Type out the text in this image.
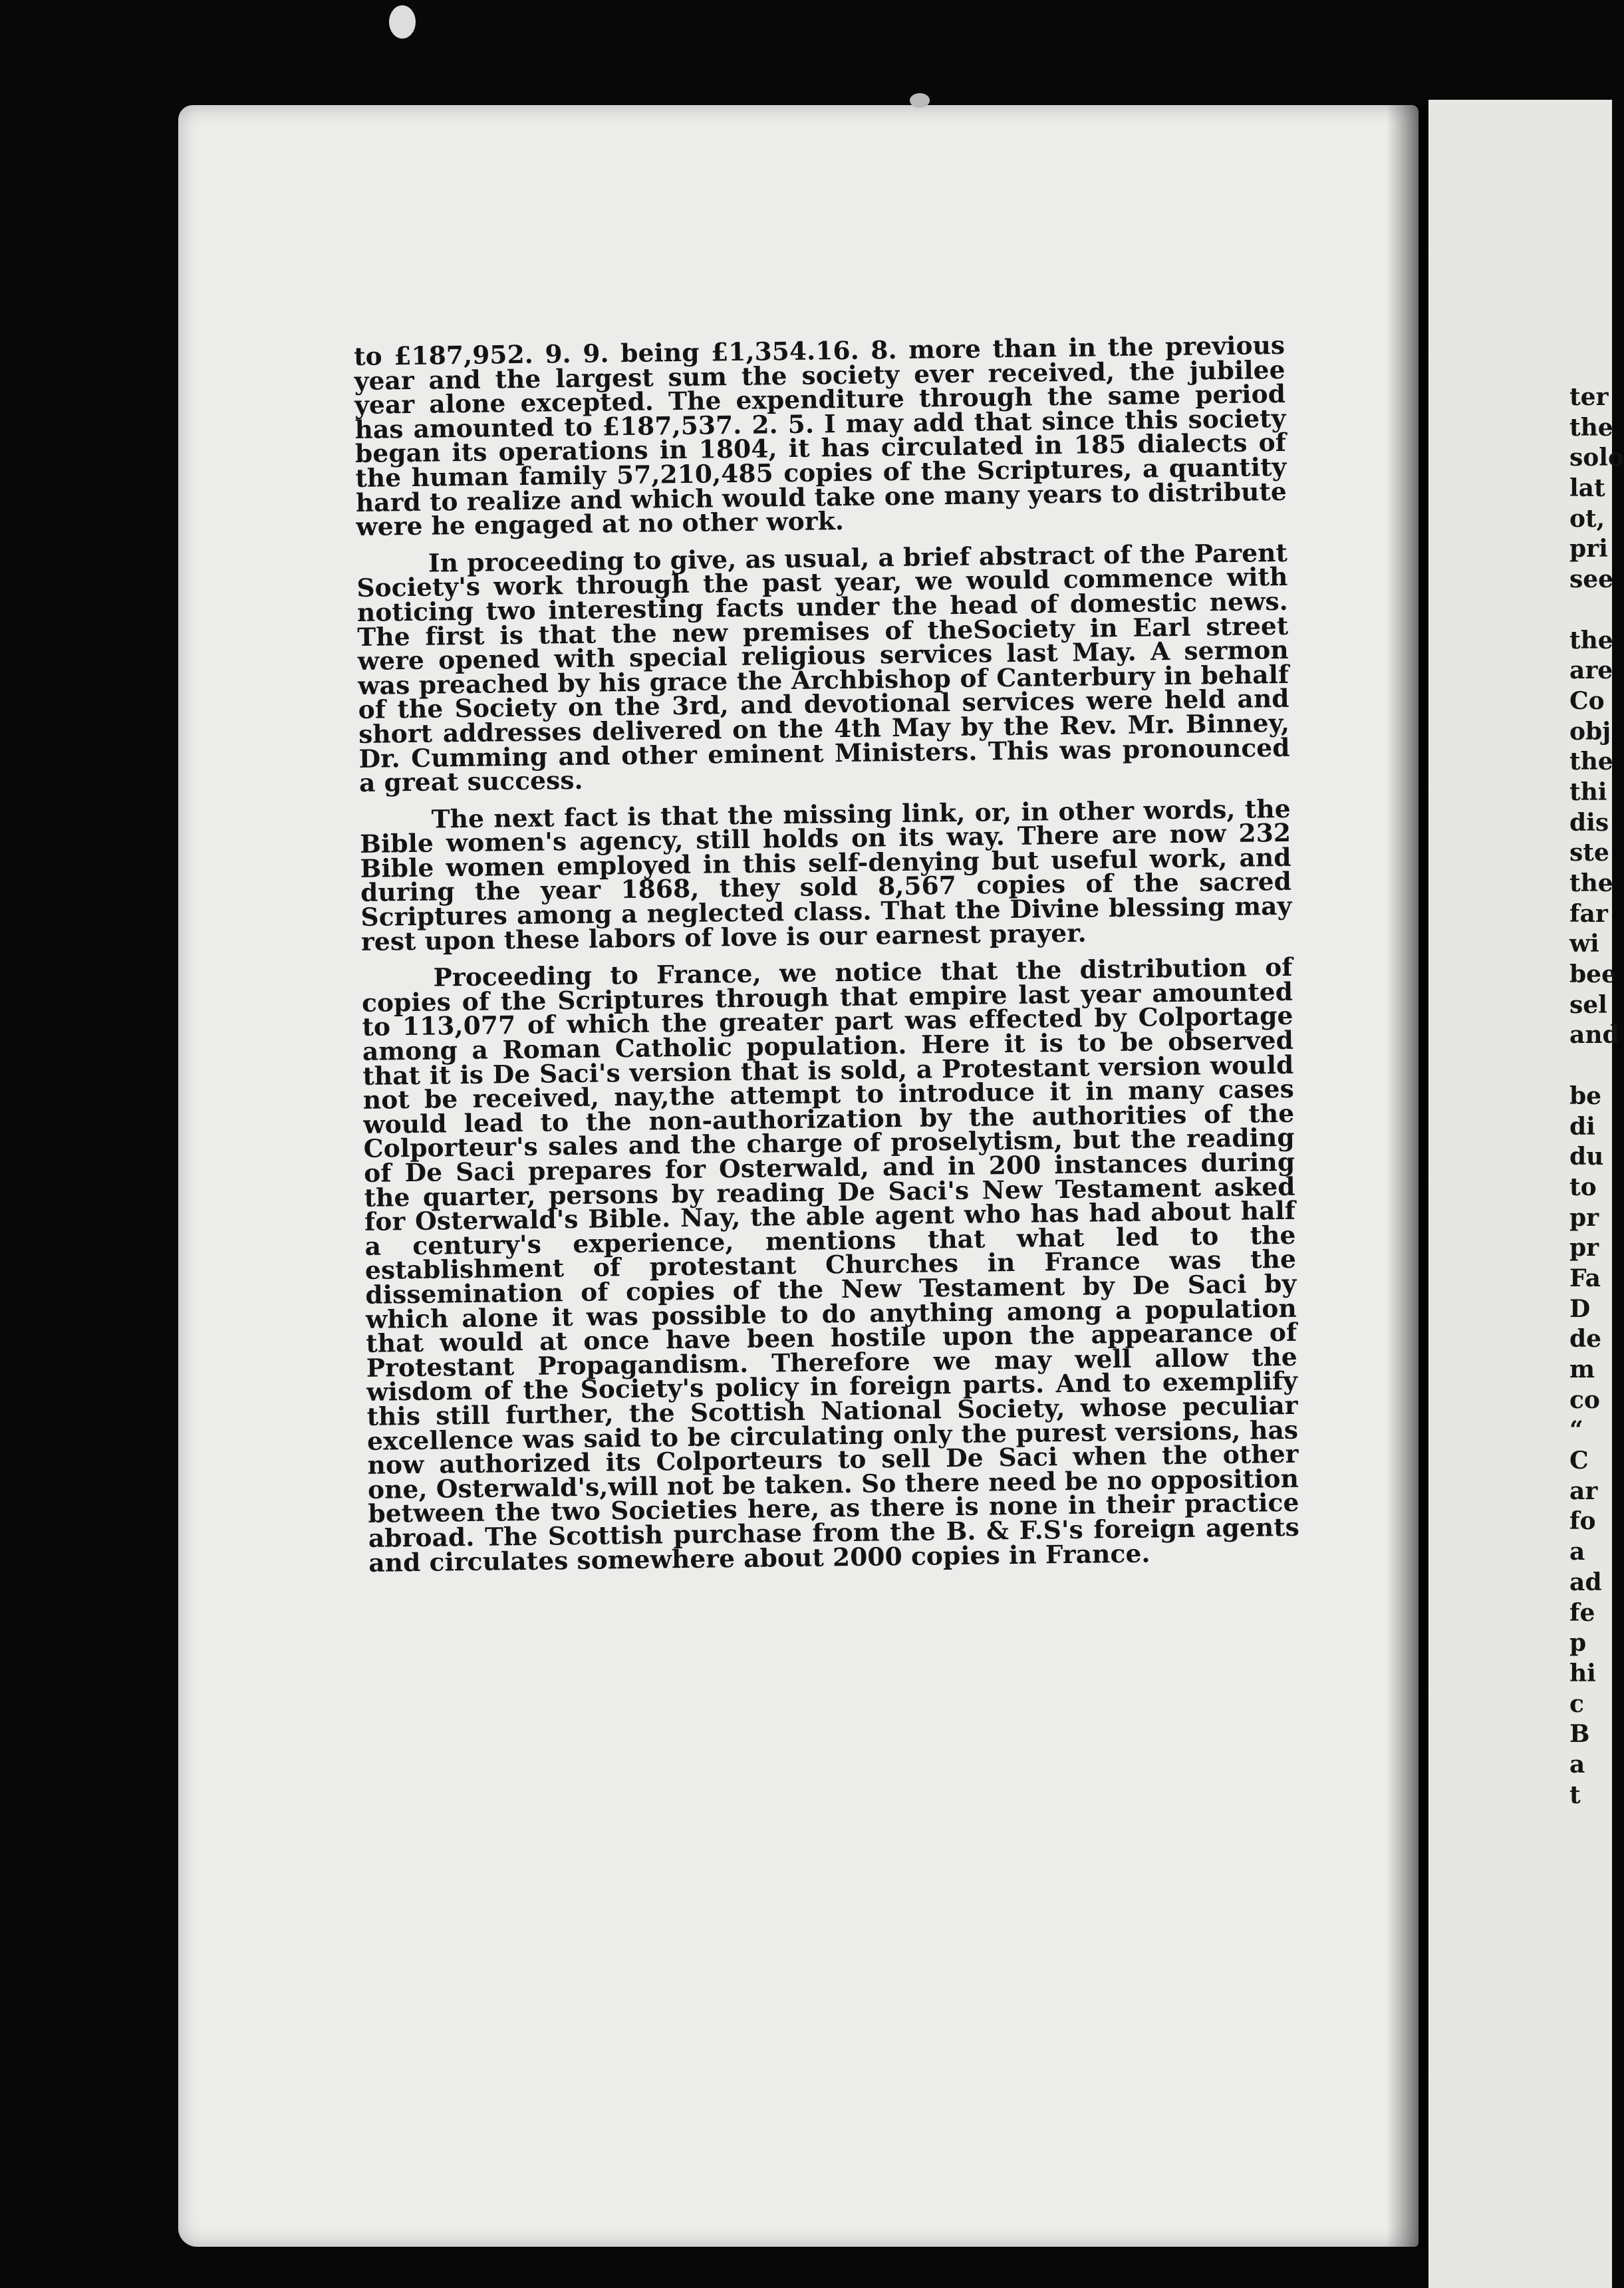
to £187,952. 9. 9. being £1,354.16. 8. more than in the previous year and the largest sum the society ever received, the jubilee year alone excepted. The expenditure through the same period has amounted to £187,537. 2. 5. I may add that since this society began its operations in 1804, it has circulated in 185 dialects of the human family 57,210,485 copies of the Scriptures, a quantity hard to realize and which would take one many years to distribute were he engaged at no other work.

In proceeding to give, as usual, a brief abstract of the Parent Society's work through the past year, we would commence with noticing two interesting facts under the head of domestic news. The first is that the new premises of theSociety in Earl street were opened with special religious services last May. A sermon was preached by his grace the Archbishop of Canterbury in behalf of the Society on the 3rd, and devotional services were held and short addresses delivered on the 4th May by the Rev. Mr. Binney, Dr. Cumming and other eminent Ministers. This was pronounced a great success.

The next fact is that the missing link, or, in other words, the Bible women's agency, still holds on its way. There are now 232 Bible women employed in this self-denying but useful work, and during the year 1868, they sold 8,567 copies of the sacred Scriptures among a neglected class. That the Divine blessing may rest upon these labors of love is our earnest prayer.

Proceeding to France, we notice that the distribution of copies of the Scriptures through that empire last year amounted to 113,077 of which the greater part was effected by Colportage among a Roman Catholic population. Here it is to be observed that it is De Saci's version that is sold, a Protestant version would not be received, nay,the attempt to introduce it in many cases would lead to the non-authorization by the authorities of the Colporteur's sales and the charge of proselytism, but the reading of De Saci prepares for Osterwald, and in 200 instances during the quarter, persons by reading De Saci's New Testament asked for Osterwald's Bible. Nay, the able agent who has had about half a century's experience, mentions that what led to the establishment of protestant Churches in France was the dissemination of copies of the New Testament by De Saci by which alone it was possible to do anything among a population that would at once have been hostile upon the appearance of Protestant Propagandism. Therefore we may well allow the wisdom of the Society's policy in foreign parts. And to exemplify this still further, the Scottish National Society, whose peculiar excellence was said to be circulating only the purest versions, has now authorized its Colporteurs to sell De Saci when the other one, Osterwald's,will not be taken. So there need be no opposition between the two Societies here, as there is none in their practice abroad. The Scottish purchase from the B. & F.S's foreign agents and circulates somewhere about 2000 copies in France.

ter
the
solo
lat
ot,
pri
see
the
are
Co
obj
the
thi
dis
ste
the
far
wi
bee
sel
and
be
di
du
to
pr
pr
Fa
D
de
m
co
“
C
ar
fo
a
ad
fe
p
hi
c
B
a
t
